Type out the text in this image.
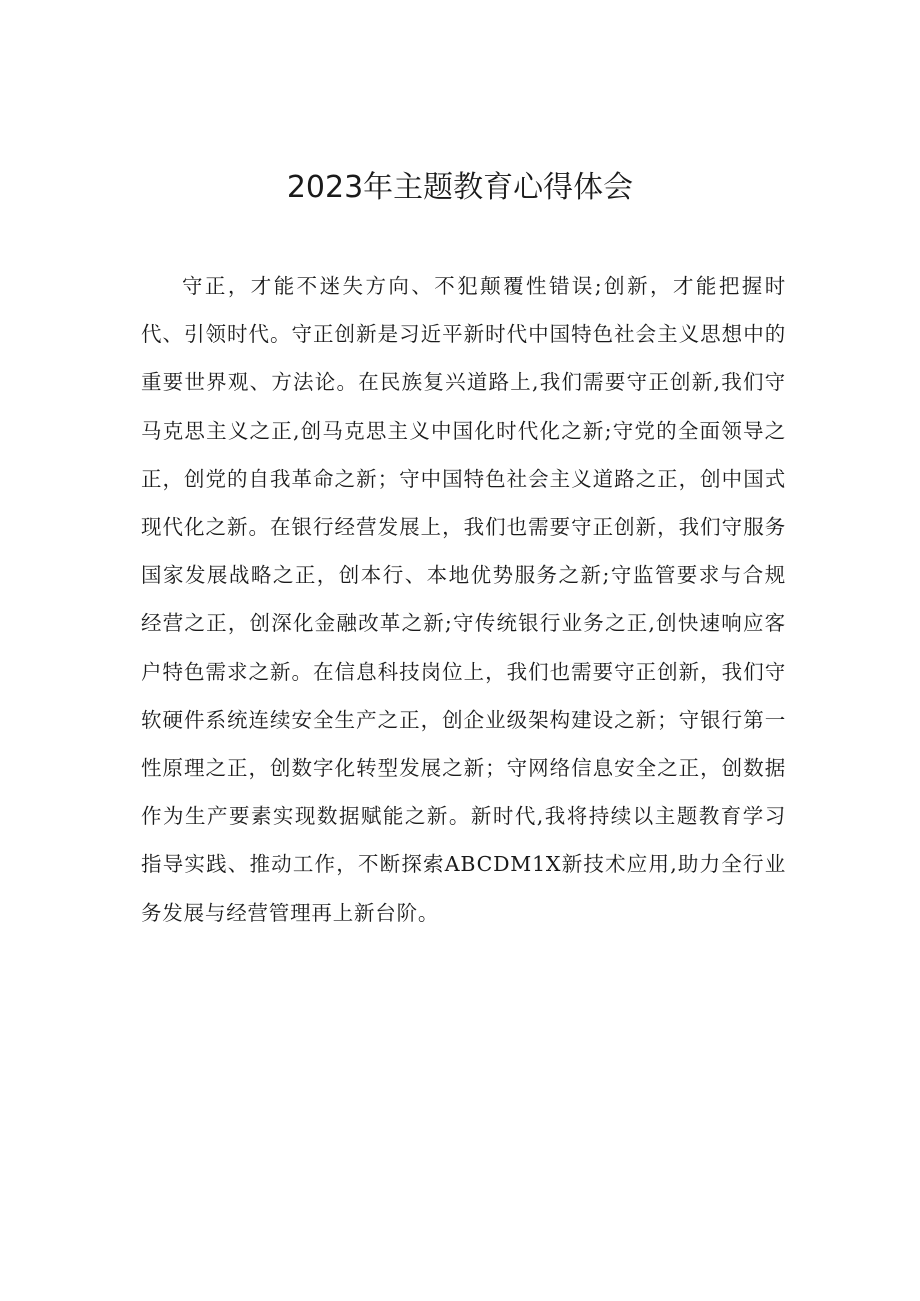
2023年主题教育心得体会

守正，才能不迷失方向、不犯颠覆性错误;创新，才能把握时代、引领时代。守正创新是习近平新时代中国特色社会主义思想中的重要世界观、方法论。在民族复兴道路上,我们需要守正创新,我们守马克思主义之正,创马克思主义中国化时代化之新;守党的全面领导之正，创党的自我革命之新；守中国特色社会主义道路之正，创中国式现代化之新。在银行经营发展上，我们也需要守正创新，我们守服务国家发展战略之正，创本行、本地优势服务之新;守监管要求与合规经营之正，创深化金融改革之新;守传统银行业务之正,创快速响应客户特色需求之新。在信息科技岗位上，我们也需要守正创新，我们守软硬件系统连续安全生产之正，创企业级架构建设之新；守银行第一性原理之正，创数字化转型发展之新；守网络信息安全之正，创数据作为生产要素实现数据赋能之新。新时代,我将持续以主题教育学习指导实践、推动工作，不断探索ABCDM1X新技术应用,助力全行业务发展与经营管理再上新台阶。
